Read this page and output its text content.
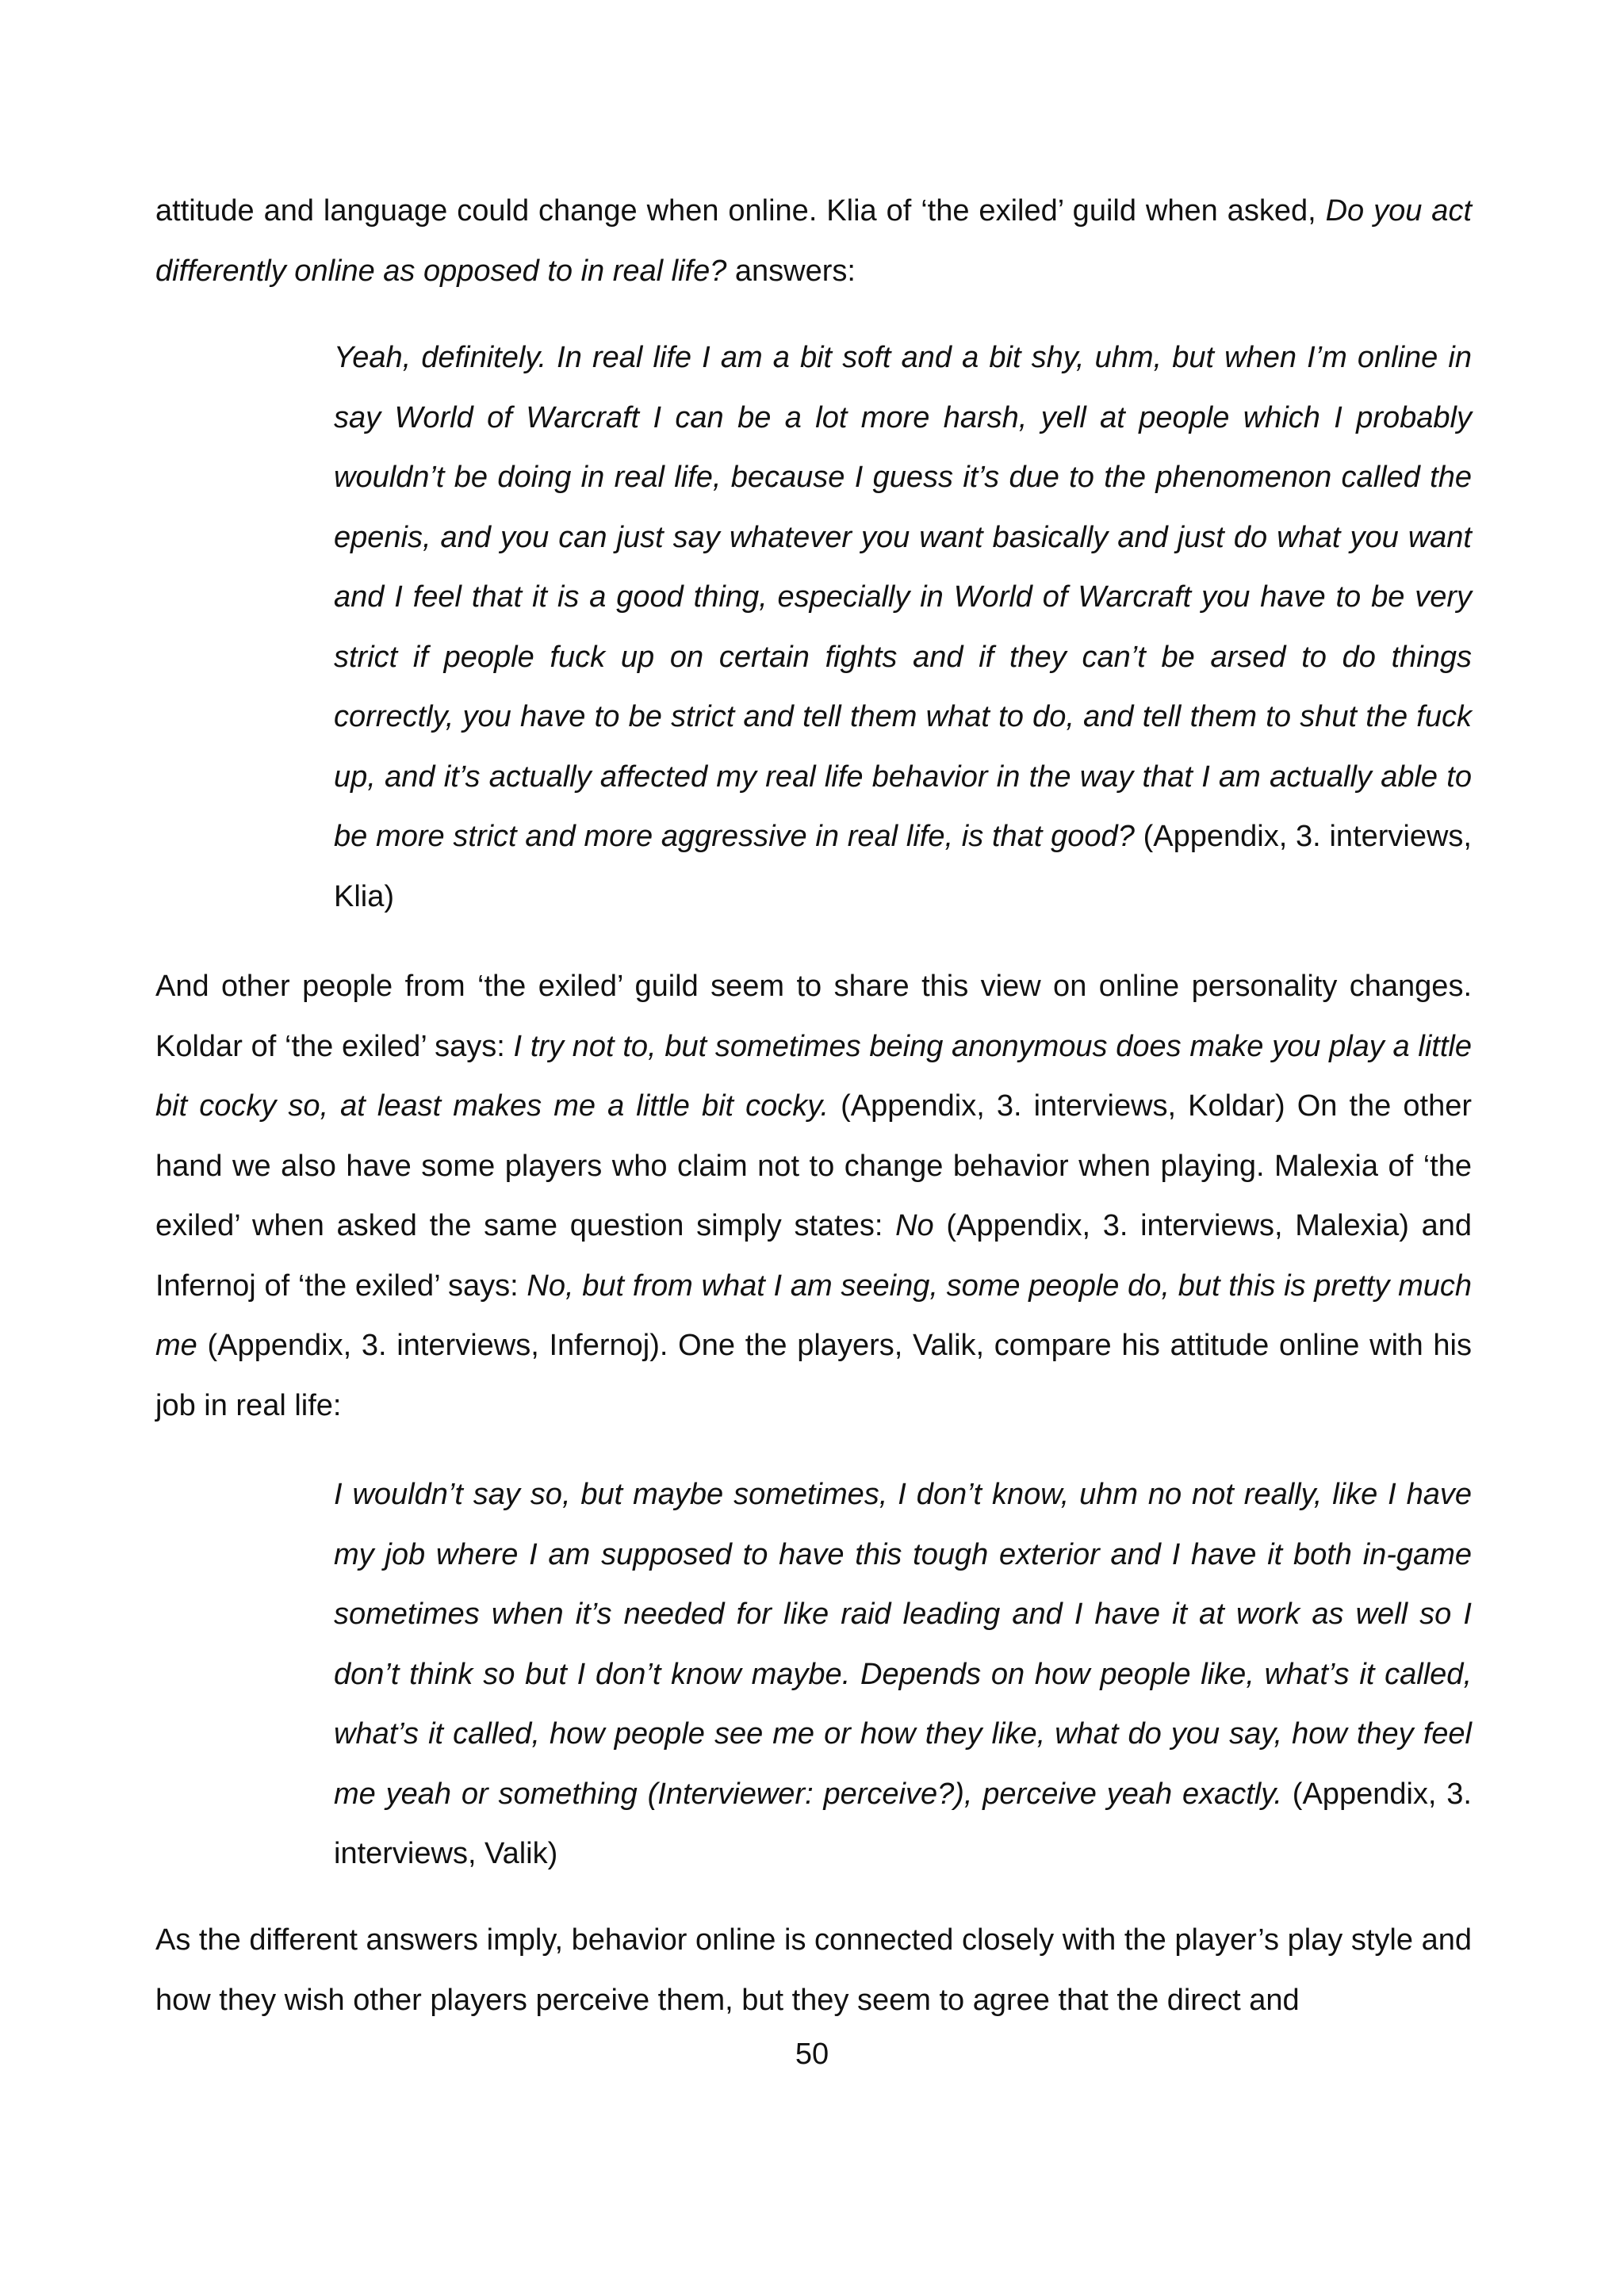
attitude and language could change when online. Klia of ‘the exiled’ guild when asked, Do you act differently online as opposed to in real life? answers:

Yeah, definitely. In real life I am a bit soft and a bit shy, uhm, but when I’m online in say World of Warcraft I can be a lot more harsh, yell at people which I probably wouldn’t be doing in real life, because I guess it’s due to the phenomenon called the epenis, and you can just say whatever you want basically and just do what you want and I feel that it is a good thing, especially in World of Warcraft you have to be very strict if people fuck up on certain fights and if they can’t be arsed to do things correctly, you have to be strict and tell them what to do, and tell them to shut the fuck up, and it’s actually affected my real life behavior in the way that I am actually able to be more strict and more aggressive in real life, is that good? (Appendix, 3. interviews, Klia)

And other people from ‘the exiled’ guild seem to share this view on online personality changes. Koldar of ‘the exiled’ says: I try not to, but sometimes being anonymous does make you play a little bit cocky so, at least makes me a little bit cocky. (Appendix, 3. interviews, Koldar) On the other hand we also have some players who claim not to change behavior when playing. Malexia of ‘the exiled’ when asked the same question simply states: No (Appendix, 3. interviews, Malexia) and Infernoj of ‘the exiled’ says: No, but from what I am seeing, some people do, but this is pretty much me (Appendix, 3. interviews, Infernoj). One the players, Valik, compare his attitude online with his job in real life:

I wouldn’t say so, but maybe sometimes, I don’t know, uhm no not really, like I have my job where I am supposed to have this tough exterior and I have it both in-game sometimes when it’s needed for like raid leading and I have it at work as well so I don’t think so but I don’t know maybe. Depends on how people like, what’s it called, what’s it called, how people see me or how they like, what do you say, how they feel me yeah or something (Interviewer: perceive?), perceive yeah exactly. (Appendix, 3. interviews, Valik)

As the different answers imply, behavior online is connected closely with the player’s play style and how they wish other players perceive them, but they seem to agree that the direct and

50
